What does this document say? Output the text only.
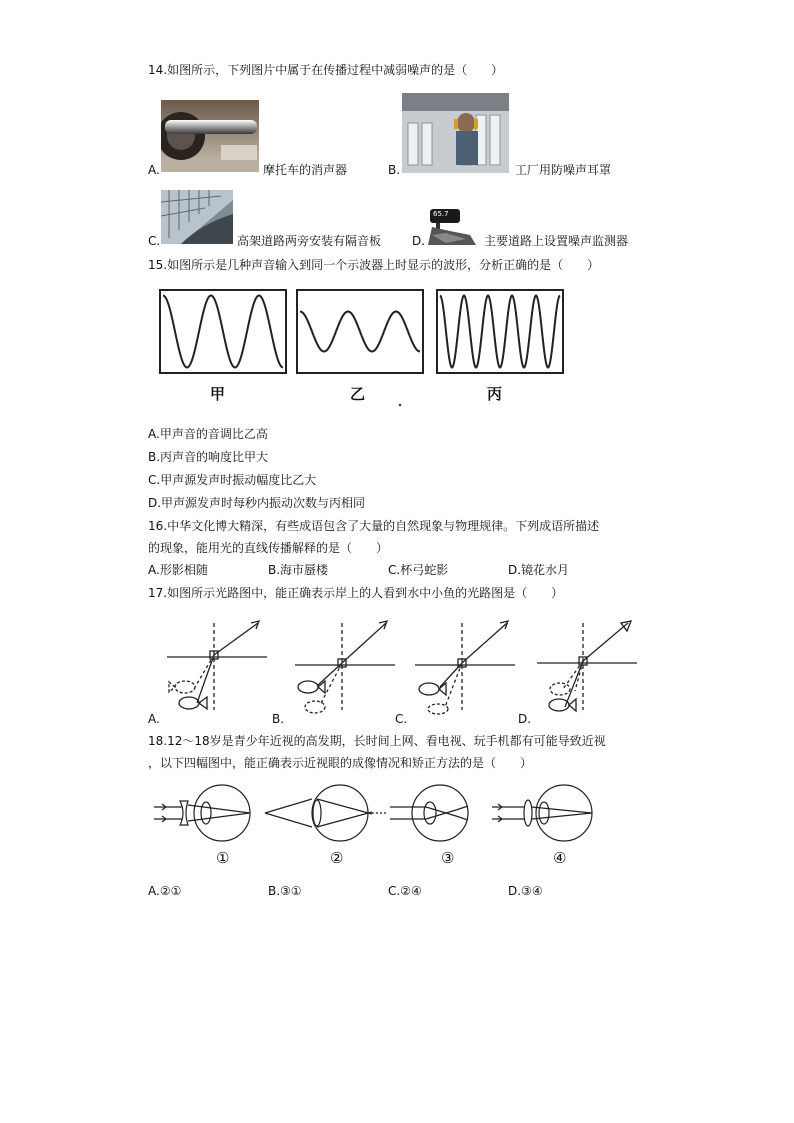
14.如图所示，下列图片中属于在传播过程中减弱噪声的是（　　）
A.	摩托车的消声器	B.	工厂用防噪声耳罩
C.	高架道路两旁安装有隔音板	D.
65.7
主要道路上设置噪声监测器
15.如图所示是几种声音输入到同一个示波器上时显示的波形，分析正确的是（　　）
甲	乙	丙
A.甲声音的音调比乙高
B.丙声音的响度比甲大
C.甲声源发声时振动幅度比乙大
D.甲声源发声时每秒内振动次数与丙相同
16.中华文化博大精深，有些成语包含了大量的自然现象与物理规律。下列成语所描述
的现象，能用光的直线传播解释的是（　　）
A.形影相随	B.海市蜃楼	C.杯弓蛇影	D.镜花水月
17.如图所示光路图中，能正确表示岸上的人看到水中小鱼的光路图是（　　）
A.	B.	C.	D.
18.12～18岁是青少年近视的高发期，长时间上网、看电视、玩手机都有可能导致近视
，以下四幅图中，能正确表示近视眼的成像情况和矫正方法的是（　　）
①	②	③	④
A.②①	B.③①	C.②④	D.③④
